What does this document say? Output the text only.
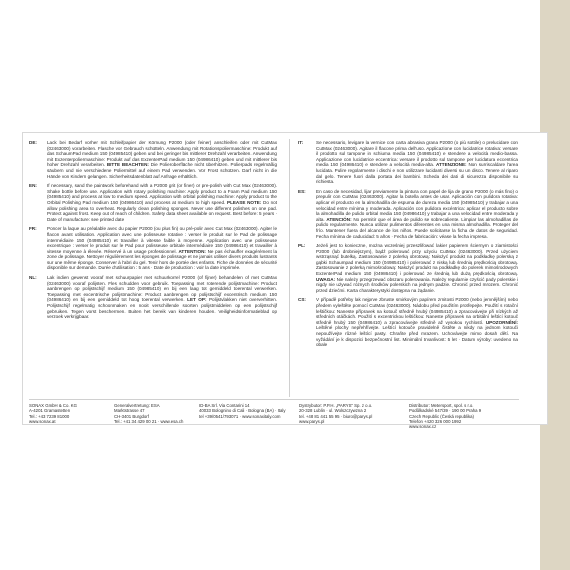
DE:	Lack bei Bedarf vorher mit Schleifpapier der Körnung P2000 (oder feiner) anschleifen oder mit CutMax (02463000) vorarbeiten. Flasche vor Gebrauch schütteln. Anwendung mit Rotationspoliermaschine: Produkt auf das SchaumPad medium 150 (04985410) geben und bei geringer bis mittlerer Drehzahl verarbeiten. Anwendung mit Exzenterpoliermaschine: Produkt auf das ExzenterPad medium 150 (04986410) geben und mit mittlerer bis hoher Drehzahl verarbeiten. BITTE BEACHTEN: Die Polieroberfläche nicht überhitzen. Polierpads regelmäßig säubern und nie verschiedene Poliermittel auf einem Pad verwenden. Vor Frost schützen. Darf nicht in die Hände von Kindern gelangen. Sicherheitsdatenblatt auf Anfrage erhältlich.
EN:	If necessary, sand the paintwork beforehand with a P2000 grit (or finer) or pre-polish with Cut Max (02463000). Shake bottle before use. Application with rotary polishing machine: Apply product to a Foam Pad medium 150 (04985410) and process at low to medium speed. Application with orbital polishing machine: Apply product to the Orbital Polishing Pad medium 150 (04986410) and process at medium to high speed. PLEASE NOTE: Do not allow polishing area to overheat. Regularly clean polishing sponges. Never use different polishes on one pad. Protect against frost. Keep out of reach of children. Safety data sheet available on request. Best before: 5 years · Date of manufacture: see printed date
FR:	Poncer la laque au préalable avec du papier P2000 (ou plus fin) ou pré-polir avec Cut Max (02463000). Agiter le flacon avant utilisation. Application avec une polisseuse rotative : verser le produit sur le Pad de polissage intermédiaire 150 (04985410) et travailler à vitesse faible à moyenne. Application avec une polisseuse excentrique : verser le produit sur le Pad pour polisseuse orbitale intermédiaire 150 (04986410) et travailler à vitesse moyenne à élevée. Réservé à un usage professionnel. ATTENTION: Ne pas échauffer exagérément la zone de polissage. Nettoyer régulièrement les éponges de polissage et ne jamais utiliser divers produits lustrants sur une même éponge. Conserver à l'abri du gel. Tenir hors de portée des enfants. Fiche de données de sécurité disponible sur demande. Durée d'utilisation : 5 ans · Date de production : voir la date imprimée.
NL:	Lak indien gewenst vooraf met schuurpapier met schuurkorrel P2000 (of fijner) behandelen of met CutMax (02463000) vooraf polijsten. Fles schudden voor gebruik. Toepassing met roterende polijstmachine: Product aanbrengen op polijstschijf medium 150 (04985410) en bij een laag tot gemiddeld toerental verwerken. Toepassing met excentrische polijstmachine: Product aanbrengen op polijstschijf excentrisch medium 150 (04986410) en bij een gemiddeld tot hoog toerental verwerken. LET OP: Polijstvlakken niet oververhitten. Polijstschijf regelmatig schoonmaken en nooit verschillende soorten polijstmiddelen op een polijstschijf gebruiken. Tegen vorst beschermen. Buiten het bereik van kinderen houden. Veiligheidsinformatieblad op verzoek verkrijgbaar.
IT:	Se necessario, levigare la vernice con carta abrasiva grana P2000 (o più sottile) o prelucidare con CutMax (02463000). Agitare il flacone prima dell'uso. Applicazione con lucidatrice rotativa: versare il prodotto sul tampone in schiuma media 150 (04985410) e stendere a velocità medio-bassa. Applicazione con lucidatrice eccentrica: versare il prodotto sul tampone per lucidatura eccentrica media 150 (04986410) e stendere a velocità media-alta. ATTENZIONE: Non surriscaldare l'area lucidata. Pulire regolarmente i dischi e non utilizzare lucidanti diversi su un disco. Tenere al riparo dal gelo. Tenere fuori dalla portata dei bambini. Scheda dei dati di sicurezza disponibile su richiesta.
ES:	En caso de necesidad, lijar previamente la pintura con papel de lija de grano P2000 (o más fino) o prepulir con CutMax (02463000). Agitar la botella antes de usar. Aplicación con pulidora rotativa: aplicar el producto en la almohadilla de espuma de dureza media 150 (04985410) y trabajar a una velocidad entre mínima y moderada. Aplicación con pulidora excéntrica: aplicar el producto sobre la almohadilla de pulido orbital media 150 (04986410) y trabajar a una velocidad entre moderada y alta. ATENCIÓN: No permitir que el área de pulido se sobrecaliente. Limpiar las almohadillas de pulido regularmente. Nunca utilizar pulimentos diferentes en una misma almohadilla. Proteger del frío. Mantener fuera del alcance de los niños. Puede solicitarse la ficha de datos de seguridad. Fecha mínima de caducidad: 5 años · Fecha de fabricación: véase la fecha impresa.
PL:	Jeżeli jest to konieczne, można wcześniej przeszlifować lakier papierem ściernym o ziarnistości P2000 (lub drobniejszym), bądź polerować przy użyciu CutMax (02463000). Przed użyciem wstrząsnąć butelką. Zastosowanie z polerką obrotową: Nałożyć produkt na podkładkę polerską z gąbki Schaumpad medium 150 (04985410) i polerować z niską lub średnią prędkością obrotową. Zastosowanie z polerką mimośrodową: Nałożyć produkt na podkładkę do polerek mimośrodowych ExzenterPad medium 150 (04986410) i polerować ze średnią lub dużą prędkością obrotową. UWAGA: Nie należy przegrzewać obszaru polerowania. Należy regularnie czyścić pady polerskie i nigdy nie używać różnych środków polerskich na jednym padzie. Chronić przed mrozem. Chronić przed dziećmi. Karta charakterystyki dostępna na żądanie.
CS:	V případě potřeby lak nejprve zbruste smirkovým papírem zrnitosti P2000 (nebo jemnějším) nebo předem vyleštěte pomocí CutMax (02463000). Nádobu před použitím protřepejte. Použití s rotační leštičkou: Naneste přípravek na kotouč středně hrubý (04985410) a zpracovávejte při nízkých až středních otáčkách. Použití s excentrickou leštičkou: Naneste přípravek na orbitální leštící kotouč středně hrubý 150 (04986410) a zpracovávejte středně až vysokou rychlostí. UPOZORNĚNÍ: Leštěné plochy nepřehřívejte. Leštící kotouče pravidelně čistěte a nikdy na jednom kotouči nepoužívejte různé leštící pasty. Chraňte před mrazem. Uchovávejte mimo dosah dětí. Na vyžádání je k dispozici bezpečnostní list. Minimální trvanlivost: 5 let · Datum výroby: uvedeno na obale
SONAX GmbH & Co. KG
A-4201 Gramastetten
Tel.: +43 7239 81000
www.sonax.at
Generalvertretung: ESA
Marktstrasse 47
CH-3401 Burgdorf
Tel.: +41 34 429 00 21 · www.esa.ch
ID-BA Srl. Via Contarini 14
40033 Bolognino di Cali · Bologna (BA) · Italy
tel +39/0541/793071 · www.sonaxitaly.com
Dystrybutor: P.P.H. „PARYS" Sp. z o.o.
20-328 Lublin · ul. Wolszczywzna 2
tel. +48 81 441 55 95 · biuro@parys.pl
www.parys.pl
Distributor: Metersport, spol. s r.o.
Podůlkadské 547/39 · 190 00 Praha 9
Czech Republic (Česká republika)
Telefon +420 326 000 1992
www.sonax.cz
